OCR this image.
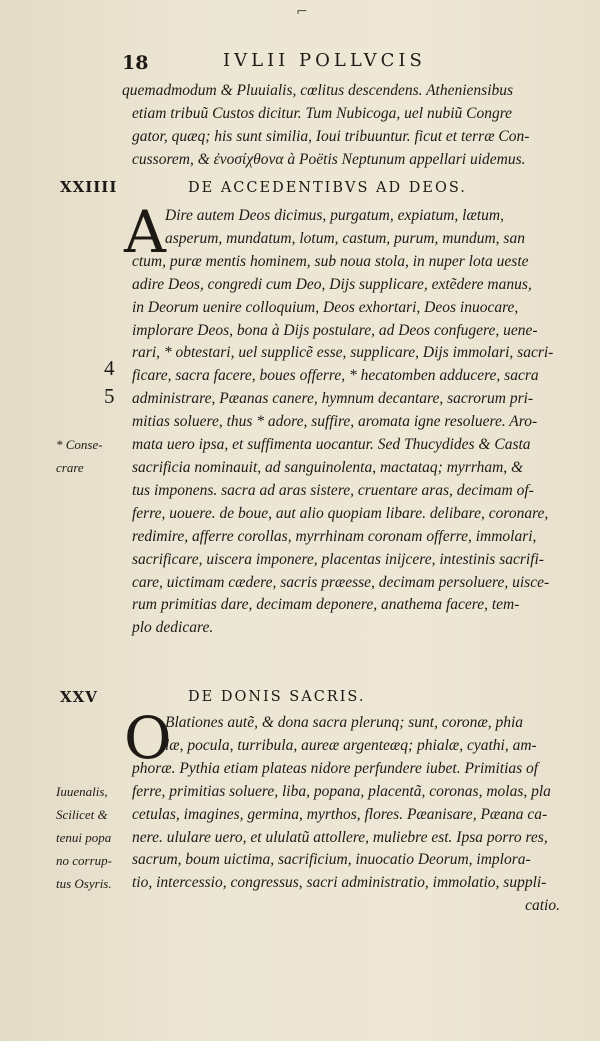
⌐
18	IVLII POLLVCIS
quemadmodum & Pluuialis, cœlitus descendens. Atheniensibus
etiam tribuũ Custos dicitur. Tum Nubicoga, uel nubiũ Congre
gator, quæq; his sunt similia, Ioui tribuuntur. ficut et terræ Con-
cussorem, & ἐνοσίχθονα à Poëtis Neptunum appellari uidemus.
XXIIII	DE ACCEDENTIBVS AD DEOS.
A Dire autem Deos dicimus, purgatum, expiatum, lætum,
asperum, mundatum, lotum, castum, purum, mundum, san
ctum, puræ mentis hominem, sub noua stola, in nuper lota ueste
adire Deos, congredi cum Deo, Dijs supplicare, extẽdere manus,
in Deorum uenire colloquium, Deos exhortari, Deos inuocare,
implorare Deos, bona à Dijs postulare, ad Deos confugere, uene-
rari, * obtestari, uel supplicẽ esse, supplicare, Dijs immolari, sacri-
ficare, sacra facere, boues offerre, * hecatomben adducere, sacra
administrare, Pæanas canere, hymnum decantare, sacrorum pri-
mitias soluere, thus * adore, suffire, aromata igne resoluere. Aro-
mata uero ipsa, et suffimenta uocantur. Sed Thucydides & Casta
sacrificia nominauit, ad sanguinolenta, mactataq; myrrham, &
tus imponens. sacra ad aras sistere, cruentare aras, decimam of-
ferre, uouere. de boue, aut alio quopiam libare. delibare, coronare,
redimire, afferre corollas, myrrhinam coronam offerre, immolari,
sacrificare, uiscera imponere, placentas inijcere, intestinis sacrifi-
care, uictimam cædere, sacris præesse, decimam persoluere, uiscе-
rum primitias dare, decimam deponere, anathema facere, tem-
plo dedicare.
4
5
* Conse-
crare
XXV	DE DONIS SACRIS.
O
Blationes autẽ, & dona sacra plerunq; sunt, coronæ, phia
læ, pocula, turribula, aureæ argenteæq; phialæ, cyathi, am-
phoræ. Pythia etiam plateas nidore perfundere iubet. Primitias of
ferre, primitias soluere, liba, popana, placentã, coronas, molas, pla
cetulas, imagines, germina, myrthos, flores. Pæanisare, Pæana ca-
nere. ululare uero, et ululatũ attollere, muliebre est. Ipsa porro res,
sacrum, boum uictima, sacrificium, inuocatio Deorum, implora-
tio, intercessio, congressus, sacri administratio, immolatio, suppli-
catio.
Iuuenalis,
Scilicet &
tenui popa
no corrup-
tus Osyris.
